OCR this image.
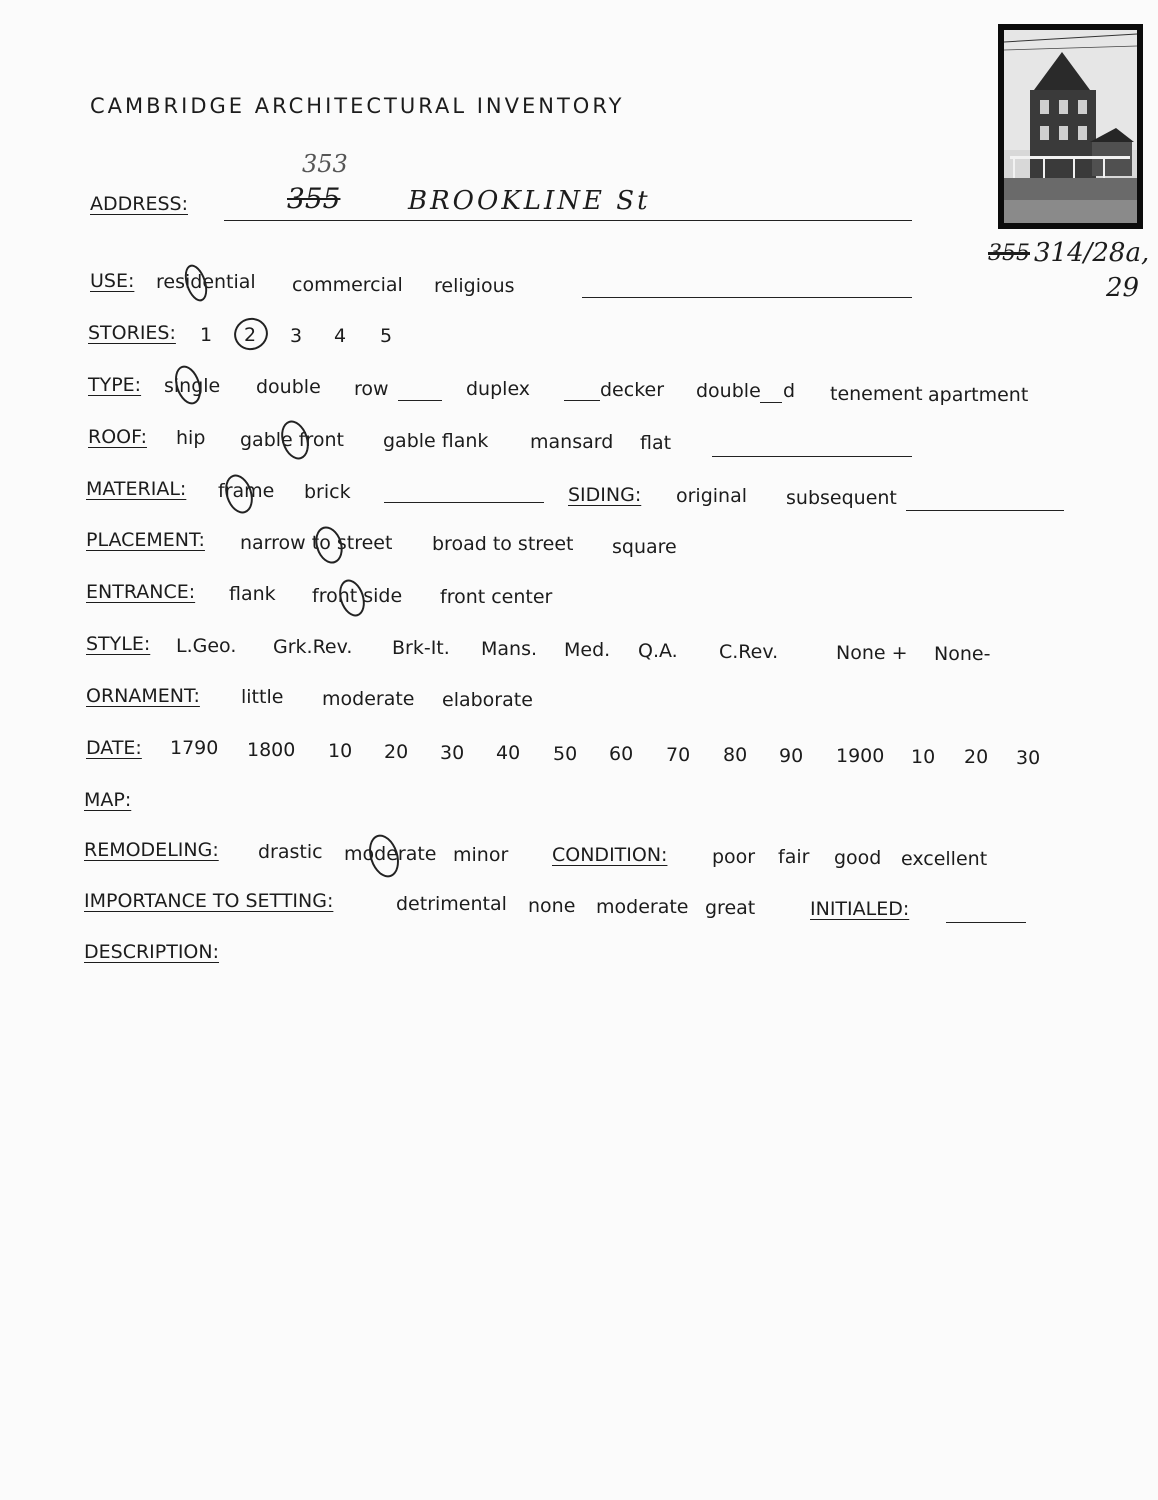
CAMBRIDGE ARCHITECTURAL INVENTORY
355 314/28a,
29
ADDRESS:
353
355	BROOKLINE St
USE: residential commercial religious
STORIES: 1 2 3 4 5
TYPE: single double row	duplex	decker double d tenement apartment
ROOF: hip gable front gable flank mansard flat
MATERIAL: frame brick	SIDING: original subsequent
PLACEMENT: narrow to street broad to street square
ENTRANCE: flank front side front center
STYLE: L.Geo. Grk.Rev. Brk-It. Mans. Med. Q.A. C.Rev.	None + None-
ORNAMENT: little moderate elaborate
DATE: 1790 1800 10 20 30 40 50 60 70 80 90 1900 10 20 30
MAP:
REMODELING: drastic moderate minor CONDITION: poor fair good excellent
IMPORTANCE TO SETTING:	detrimental none moderate great	INITIALED:
DESCRIPTION:
